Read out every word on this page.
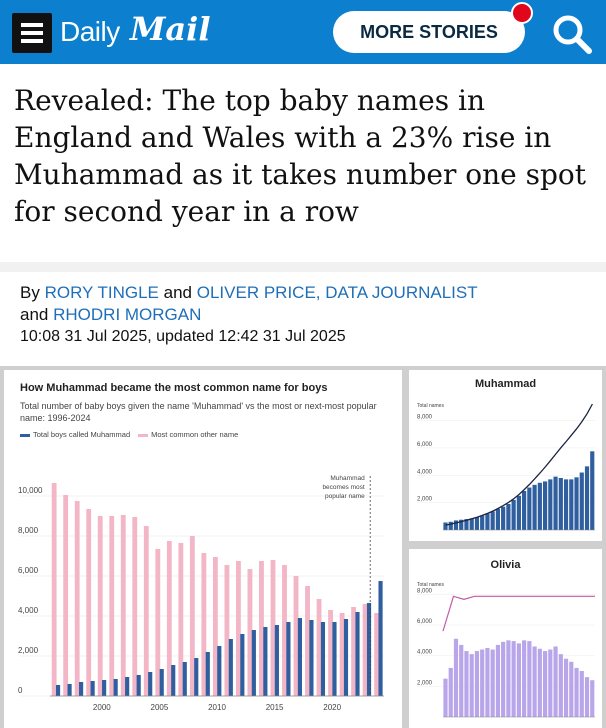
Daily Mail	MORE STORIES
Revealed: The top baby names in England and Wales with a 23% rise in Muhammad as it takes number one spot for second year in a row
By RORY TINGLE and OLIVER PRICE, DATA JOURNALIST
and RHODRI MORGAN
10:08 31 Jul 2025, updated 12:42 31 Jul 2025
How Muhammad became the most common name for boys
Total number of baby boys given the name 'Muhammad' vs the most or next-most popular name: 1996-2024
Total boys called Muhammad	Most common other name
0
2,000
4,000
6,000
8,000
10,000
Muhammad
becomes most
popular name
2000	2005	2010	2015	2020
Muhammad
Total names
2,000
4,000
6,000
8,000
Olivia
Total names
2,000
4,000
6,000
8,000
